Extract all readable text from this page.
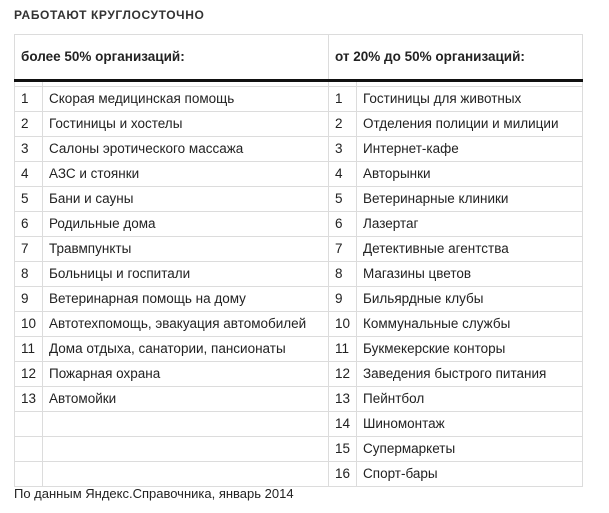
РАБОТАЮТ КРУГЛОСУТОЧНО
более 50% организаций:		от 20% до 50% организаций:	

1	Скорая медицинская помощь	1	Гостиницы для животных
2	Гостиницы и хостелы	2	Отделения полиции и милиции
3	Салоны эротического массажа	3	Интернет-кафе
4	АЗС и стоянки	4	Авторынки
5	Бани и сауны	5	Ветеринарные клиники
6	Родильные дома	6	Лазертаг
7	Травмпункты	7	Детективные агентства
8	Больницы и госпитали	8	Магазины цветов
9	Ветеринарная помощь на дому	9	Бильярдные клубы
10	Автотехпомощь, эвакуация автомобилей	10	Коммунальные службы
11	Дома отдыха, санатории, пансионаты	11	Букмекерские конторы
12	Пожарная охрана	12	Заведения быстрого питания
13	Автомойки	13	Пейнтбол
		14	Шиномонтаж
		15	Супермаркеты
		16	Спорт-бары
По данным Яндекс.Справочника, январь 2014
